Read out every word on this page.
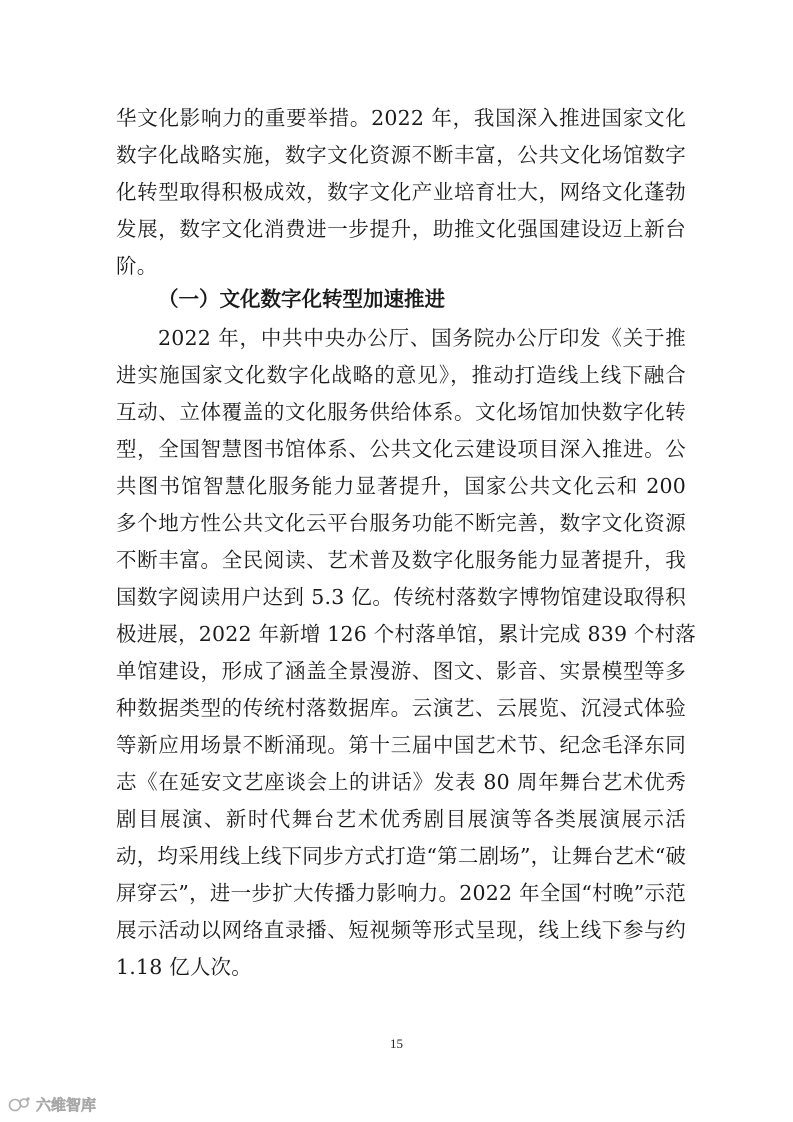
华文化影响力的重要举措。2022 年，我国深入推进国家文化
数字化战略实施，数字文化资源不断丰富，公共文化场馆数字
化转型取得积极成效，数字文化产业培育壮大，网络文化蓬勃
发展，数字文化消费进一步提升，助推文化强国建设迈上新台
阶。
（一）文化数字化转型加速推进
2022 年，中共中央办公厅、国务院办公厅印发《关于推
进实施国家文化数字化战略的意见》，推动打造线上线下融合
互动、立体覆盖的文化服务供给体系。文化场馆加快数字化转
型，全国智慧图书馆体系、公共文化云建设项目深入推进。公
共图书馆智慧化服务能力显著提升，国家公共文化云和 200
多个地方性公共文化云平台服务功能不断完善，数字文化资源
不断丰富。全民阅读、艺术普及数字化服务能力显著提升，我
国数字阅读用户达到 5.3 亿。传统村落数字博物馆建设取得积
极进展，2022 年新增 126 个村落单馆，累计完成 839 个村落
单馆建设，形成了涵盖全景漫游、图文、影音、实景模型等多
种数据类型的传统村落数据库。云演艺、云展览、沉浸式体验
等新应用场景不断涌现。第十三届中国艺术节、纪念毛泽东同
志《在延安文艺座谈会上的讲话》发表 80 周年舞台艺术优秀
剧目展演、新时代舞台艺术优秀剧目展演等各类展演展示活
动，均采用线上线下同步方式打造“第二剧场”，让舞台艺术“破
屏穿云”，进一步扩大传播力影响力。2022 年全国“村晚”示范
展示活动以网络直录播、短视频等形式呈现，线上线下参与约
1.18 亿人次。
15
六维智库
